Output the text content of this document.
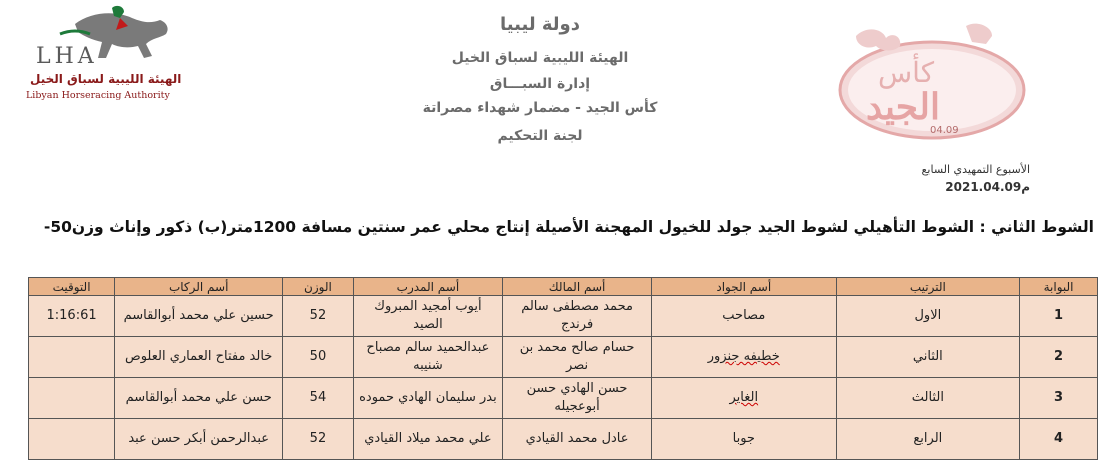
LHA
الهيئة الليبية لسباق الخيل
Libyan Horseracing Authority
كأس
الجيد
04.09
دولة ليبيا
الهيئة الليبية لسباق الخيل
إدارة السبـــاق
كأس الجيد - مضمار شهداء مصراتة
لجنة التحكيم
الأسبوع التمهيدي السابع
2021.04.09م
الشوط الثاني : الشوط التأهيلي لشوط الجيد جولد للخيول المهجنة الأصيلة إنتاج محلي عمر سنتين مسافة 1200متر(ب) ذكور وإناث وزن50-
البوابة	الترتيب	أسم الجواد	أسم المالك	أسم المدرب	الوزن	أسم الركاب	التوقيت
1	الاول	مصاحب	محمد مصطفى سالم فرندج	أيوب أمجيد المبروك الصيد	52	حسين علي محمد أبوالقاسم	1:16:61
2	الثاني	خطيفه جنزور	حسام صالح محمد بن نصر	عبدالحميد سالم مصباح شنيبه	50	خالد مفتاح العماري العلوص	
3	الثالث	الغاير	حسن الهادي حسن أبوعجيله	بدر سليمان الهادي حموده	54	حسن علي محمد أبوالقاسم	
4	الرابع	جوبا	عادل محمد القيادي	علي محمد ميلاد القيادي	52	عبدالرحمن أبكر حسن عبد	
